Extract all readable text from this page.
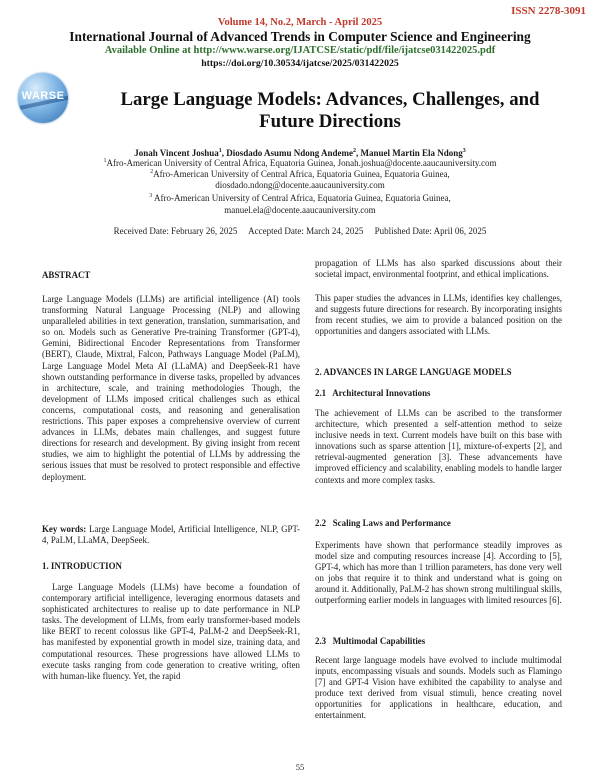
ISSN 2278-3091
Volume 14, No.2, March - April 2025
International Journal of Advanced Trends in Computer Science and Engineering
Available Online at http://www.warse.org/IJATCSE/static/pdf/file/ijatcse031422025.pdf
https://doi.org/10.30534/ijatcse/2025/031422025
WARSE	Large Language Models: Advances, Challenges, and
Future Directions
Jonah Vincent Joshua$^1$, Diosdado Asumu Ndong Andeme$^2$, Manuel Martin Ela Ndong$^3$
$^1$Afro-American University of Central Africa, Equatoria Guinea, Jonah.joshua@docente.aaucauniversity.com
$^2$Afro-American University of Central Africa, Equatoria Guinea, Equatoria Guinea,
diosdado.ndong@docente.aaucauniversity.com
$^3$ Afro-American University of Central Africa, Equatoria Guinea, Equatoria Guinea,
manuel.ela@docente.aaucauniversity.com
Received Date: February 26, 2025     Accepted Date: March 24, 2025     Published Date: April 06, 2025

ABSTRACT

Large Language Models (LLMs) are artificial intelligence (AI) tools transforming Natural Language Processing (NLP) and allowing unparalleled abilities in text generation, translation, summarisation, and so on. Models such as Generative Pre-training Transformer (GPT-4), Gemini, Bidirectional Encoder Representations from Transformer (BERT), Claude, Mixtral, Falcon, Pathways Language Model (PaLM), Large Language Model Meta AI (LLaMA) and DeepSeek-R1 have shown outstanding performance in diverse tasks, propelled by advances in architecture, scale, and training methodologies Though, the development of LLMs imposed critical challenges such as ethical concerns, computational costs, and reasoning and generalisation restrictions. This paper exposes a comprehensive overview of current advances in LLMs, debates main challenges, and suggest future directions for research and development. By giving insight from recent studies, we aim to highlight the potential of LLMs by addressing the serious issues that must be resolved to protect responsible and effective deployment.

Key words: Large Language Model, Artificial Intelligence, NLP, GPT-4, PaLM, LLaMA, DeepSeek.

1. INTRODUCTION

Large Language Models (LLMs) have become a foundation of contemporary artificial intelligence, leveraging enormous datasets and sophisticated architectures to realise up to date performance in NLP tasks. The development of LLMs, from early transformer-based models like BERT to recent colossus like GPT-4, PaLM-2 and DeepSeek-R1, has manifested by exponential growth in model size, training data, and computational resources. These progressions have allowed LLMs to execute tasks ranging from code generation to creative writing, often with human-like fluency. Yet, the rapid

propagation of LLMs has also sparked discussions about their societal impact, environmental footprint, and ethical implications.

This paper studies the advances in LLMs, identifies key challenges, and suggests future directions for research. By incorporating insights from recent studies, we aim to provide a balanced position on the opportunities and dangers associated with LLMs.

2. ADVANCES IN LARGE LANGUAGE MODELS

2.1   Architectural Innovations

The achievement of LLMs can be ascribed to the transformer architecture, which presented a self-attention method to seize inclusive needs in text. Current models have built on this base with innovations such as sparse attention [1], mixture-of-experts [2], and retrieval-augmented generation [3]. These advancements have improved efficiency and scalability, enabling models to handle larger contexts and more complex tasks.

2.2   Scaling Laws and Performance

Experiments have shown that performance steadily improves as model size and computing resources increase [4]. According to [5], GPT-4, which has more than 1 trillion parameters, has done very well on jobs that require it to think and understand what is going on around it. Additionally, PaLM-2 has shown strong multilingual skills, outperforming earlier models in languages with limited resources [6].

2.3   Multimodal Capabilities

Recent large language models have evolved to include multimodal inputs, encompassing visuals and sounds. Models such as Flamingo [7] and GPT-4 Vision have exhibited the capability to analyse and produce text derived from visual stimuli, hence creating novel opportunities for applications in healthcare, education, and entertainment.

55
